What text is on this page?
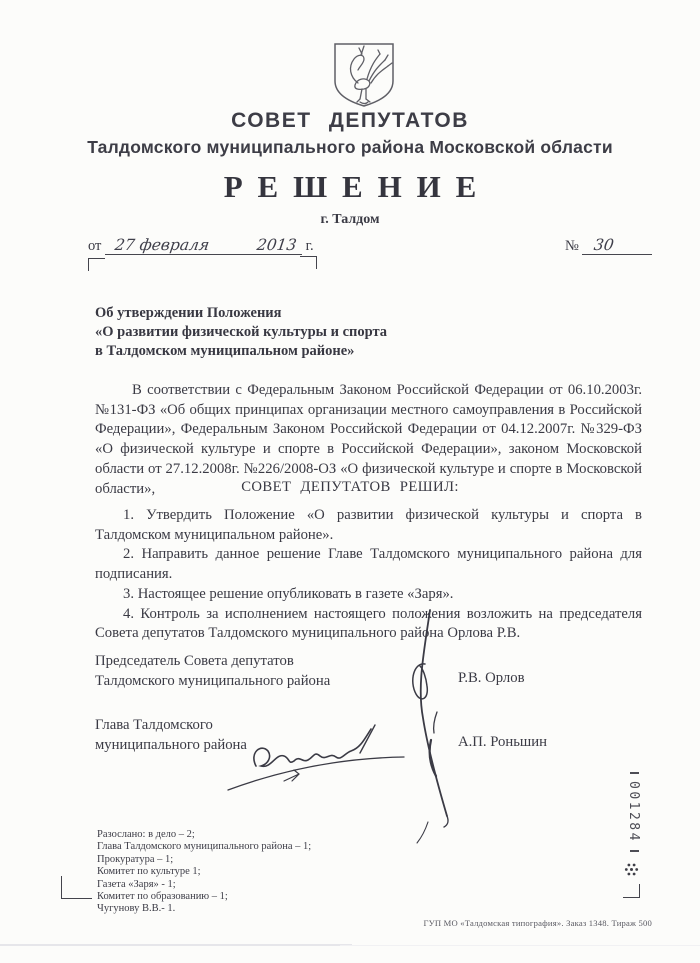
СОВЕТ ДЕПУТАТОВ
Талдомского муниципального района Московской области
РЕШЕНИЕ
г. Талдом
от 27 февраля	2013 г.	№ 30
Об утверждении Положения
«О развитии физической культуры и спорта
в Талдомском муниципальном районе»

В соответствии с Федеральным Законом Российской Федерации от 06.10.2003г. №131-ФЗ «Об общих принципах организации местного самоуправления в Российской Федерации», Федеральным Законом Российской Федерации от 04.12.2007г. №329-ФЗ «О физической культуре и спорте в Российской Федерации», законом Московской области от 27.12.2008г. №226/2008-ОЗ «О физической культуре и спорте в Московской области»,	СОВЕТ ДЕПУТАТОВ РЕШИЛ:

1. Утвердить Положение «О развитии физической культуры и спорта в Талдомском муниципальном районе».

2. Направить данное решение Главе Талдомского муниципального района для подписания.

3. Настоящее решение опубликовать в газете «Заря».

4. Контроль за исполнением настоящего положения возложить на председателя Совета депутатов Талдомского муниципального района Орлова Р.В.

Председатель Совета депутатов
Талдомского муниципального района	Р.В. Орлов
Глава Талдомского
муниципального района	А.П. Роньшин
Разослано: в дело – 2;
Глава Талдомского муниципального района – 1;
Прокуратура – 1;
Комитет по культуре 1;
Газета «Заря» - 1;
Комитет по образованию – 1;
Чугунову В.В.- 1.
001284
ГУП МО «Талдомская типография». Заказ 1348. Тираж 500
